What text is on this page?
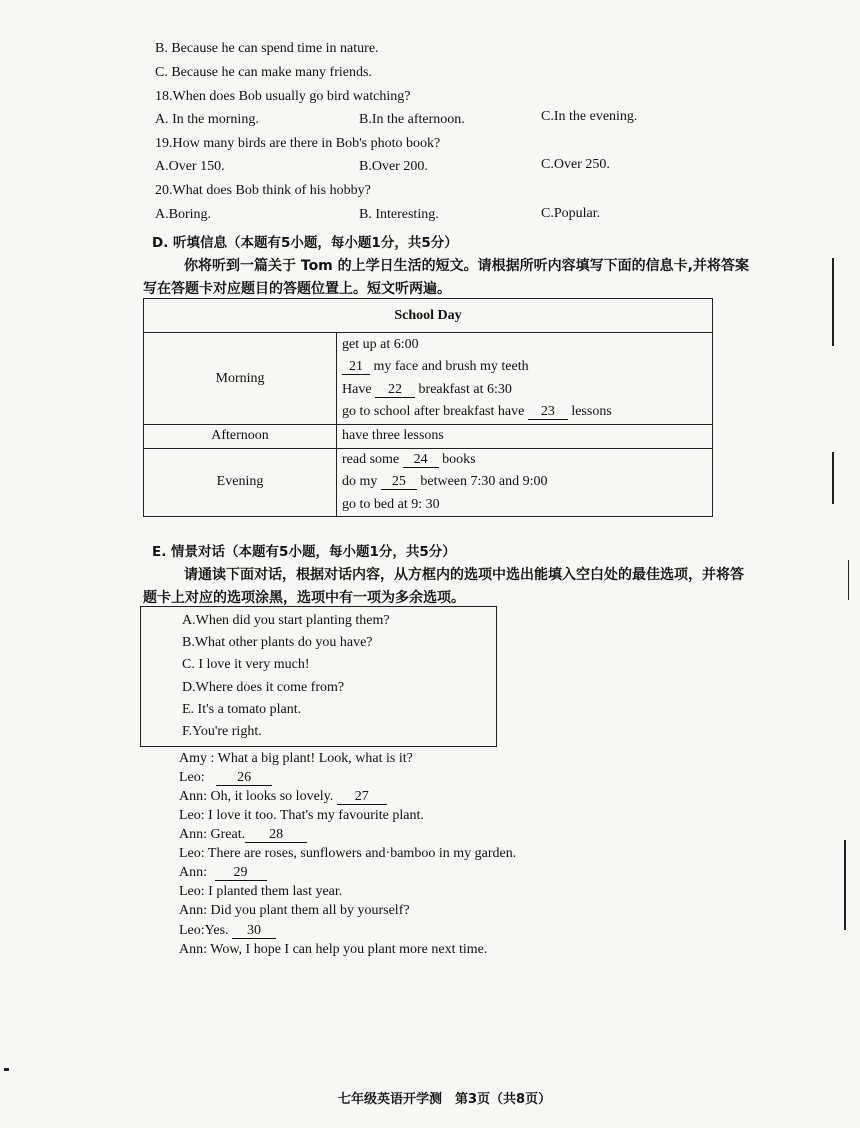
B. Because he can spend time in nature.
C. Because he can make many friends.
18.When does Bob usually go bird watching?
A. In the morning.	B.In the afternoon.	C.In the evening.
19.How many birds are there in Bob's photo book?
A.Over 150.	B.Over 200.	C.Over 250.
20.What does Bob think of his hobby?
A.Boring.	B. Interesting.	C.Popular.
D. 听填信息（本题有5小题，每小题1分，共5分）
你将听到一篇关于 Tom 的上学日生活的短文。请根据所听内容填写下面的信息卡,并将答案
写在答题卡对应题目的答题位置上。短文听两遍。
School Day	
Morning	get up at 6:00
21 my face and brush my teeth
Have 22 breakfast at 6:30
go to school after breakfast have 23 lessons

Afternoon	have three lessons

Evening	read some 24 books
do my 25 between 7:30 and 9:00
go to bed at 9: 30
E. 情景对话（本题有5小题，每小题1分，共5分）
请通读下面对话，根据对话内容，从方框内的选项中选出能填入空白处的最佳选项，并将答
题卡上对应的选项涂黑，选项中有一项为多余选项。
A.When did you start planting them?
B.What other plants do you have?
C. I love it very much!
D.Where does it come from?
E. It's a tomato plant.
F.You're right.
Amy : What a big plant! Look, what is it?
Leo: 26
Ann: Oh, it looks so lovely. 27
Leo: I love it too. That's my favourite plant.
Ann: Great. 28
Leo: There are roses, sunflowers and·bamboo in my garden.
Ann: 29
Leo: I planted them last year.
Ann: Did you plant them all by yourself?
Leo:Yes. 30
Ann: Wow, I hope I can help you plant more next time.
七年级英语开学测　第3页（共8页）
